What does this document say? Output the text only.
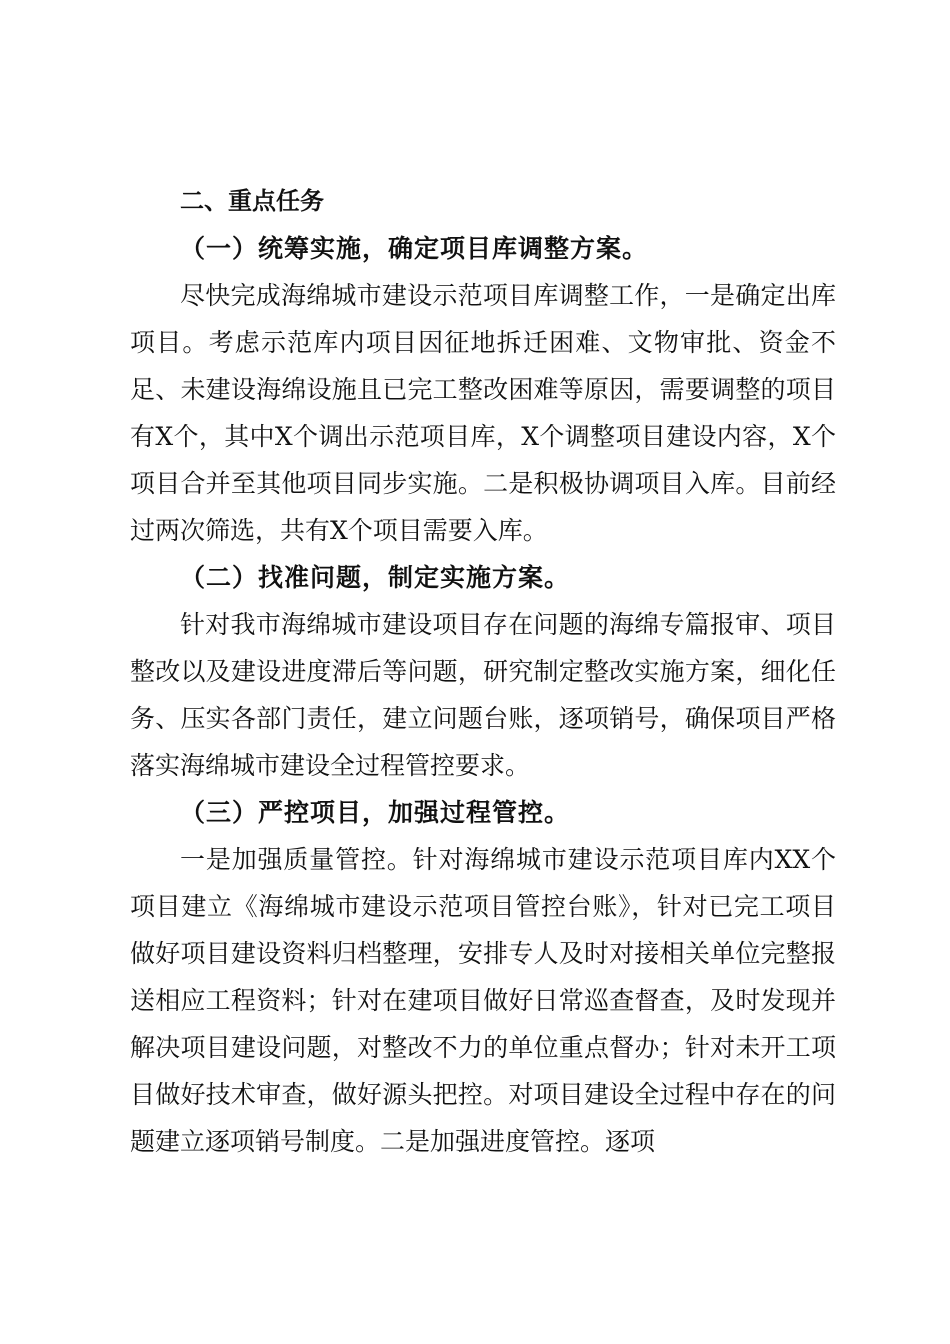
二、重点任务

（一）统筹实施，确定项目库调整方案。

尽快完成海绵城市建设示范项目库调整工作，一是确定出库项目。考虑示范库内项目因征地拆迁困难、文物审批、资金不足、未建设海绵设施且已完工整改困难等原因，需要调整的项目有X个，其中X个调出示范项目库，X个调整项目建设内容，X个项目合并至其他项目同步实施。二是积极协调项目入库。目前经过两次筛选，共有X个项目需要入库。

（二）找准问题，制定实施方案。

针对我市海绵城市建设项目存在问题的海绵专篇报审、项目整改以及建设进度滞后等问题，研究制定整改实施方案，细化任务、压实各部门责任，建立问题台账，逐项销号，确保项目严格落实海绵城市建设全过程管控要求。

（三）严控项目，加强过程管控。

一是加强质量管控。针对海绵城市建设示范项目库内XX个项目建立《海绵城市建设示范项目管控台账》，针对已完工项目做好项目建设资料归档整理，安排专人及时对接相关单位完整报送相应工程资料；针对在建项目做好日常巡查督查，及时发现并解决项目建设问题，对整改不力的单位重点督办；针对未开工项目做好技术审查，做好源头把控。对项目建设全过程中存在的问题建立逐项销号制度。二是加强进度管控。逐项
